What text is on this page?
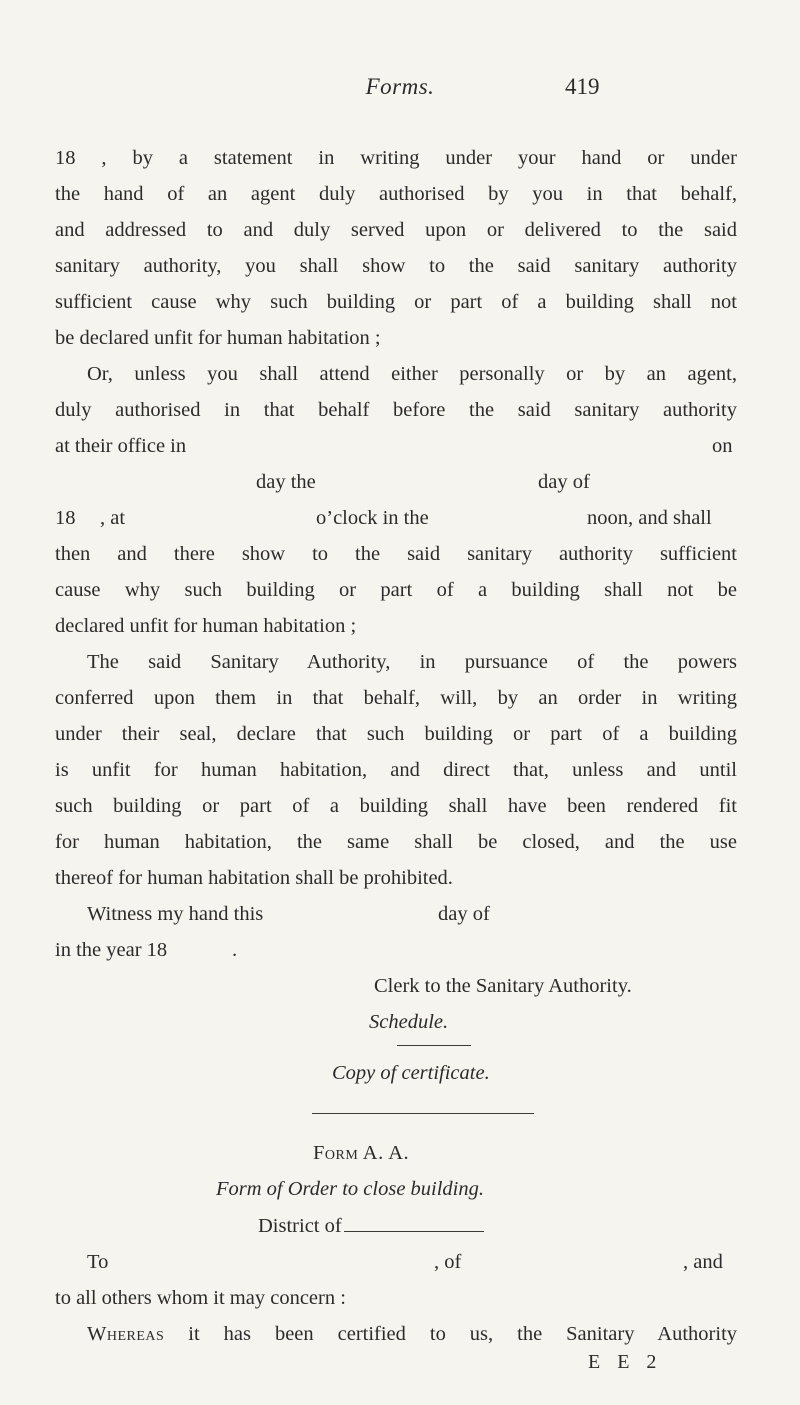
Forms.	419
18 , by a statement in writing under your hand or under
the hand of an agent duly authorised by you in that behalf,
and addressed to and duly served upon or delivered to the said
sanitary authority, you shall show to the said sanitary authority
sufficient cause why such building or part of a building shall not
be declared unfit for human habitation ;
Or, unless you shall attend either personally or by an agent,
duly authorised in that behalf before the said sanitary authority
at their office in	on
day the	day of
18 , at	o’clock in the	noon, and shall
then and there show to the said sanitary authority sufficient
cause why such building or part of a building shall not be
declared unfit for human habitation ;
The said Sanitary Authority, in pursuance of the powers
conferred upon them in that behalf, will, by an order in writing
under their seal, declare that such building or part of a building
is unfit for human habitation, and direct that, unless and until
such building or part of a building shall have been rendered fit
for human habitation, the same shall be closed, and the use
thereof for human habitation shall be prohibited.
Witness my hand this	day of
in the year 18	.
Clerk to the Sanitary Authority.
Schedule.
Copy of certificate.
Form A. A.
Form of Order to close building.
District of
To	, of	, and
to all others whom it may concern :
Whereas it has been certified to us, the Sanitary Authority
E E 2
